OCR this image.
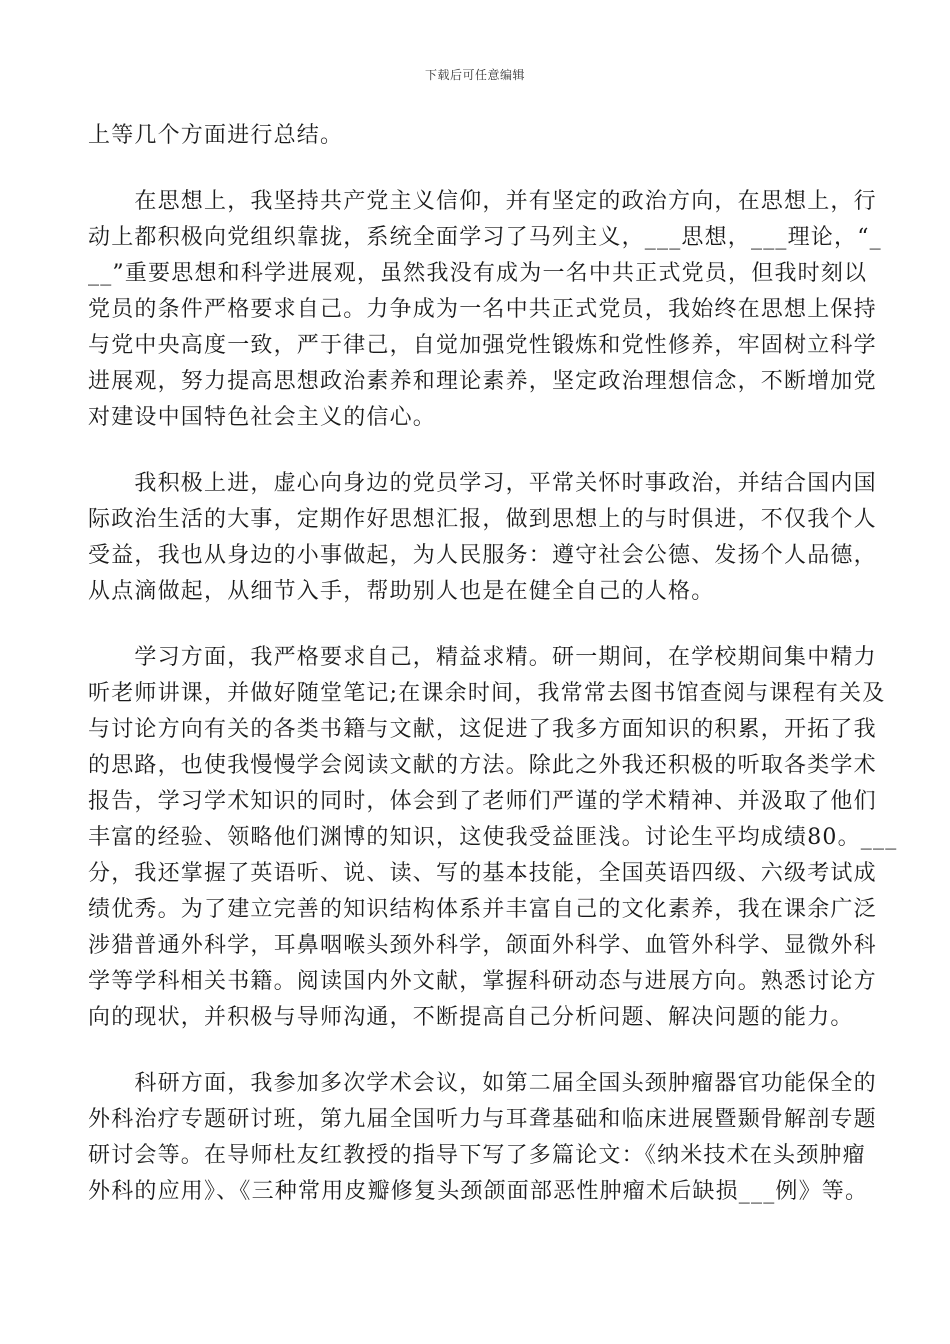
下载后可任意编辑
上等几个方面进行总结。
　　在思想上，我坚持共产党主义信仰，并有坚定的政治方向，在思想上，行
动上都积极向党组织靠拢，系统全面学习了马列主义，___思想，___理论，“_
__”重要思想和科学进展观，虽然我没有成为一名中共正式党员，但我时刻以
党员的条件严格要求自己。力争成为一名中共正式党员，我始终在思想上保持
与党中央高度一致，严于律己，自觉加强党性锻炼和党性修养，牢固树立科学
进展观，努力提高思想政治素养和理论素养，坚定政治理想信念，不断增加党
对建设中国特色社会主义的信心。
　　我积极上进，虚心向身边的党员学习，平常关怀时事政治，并结合国内国
际政治生活的大事，定期作好思想汇报，做到思想上的与时俱进，不仅我个人
受益，我也从身边的小事做起，为人民服务：遵守社会公德、发扬个人品德，
从点滴做起，从细节入手，帮助别人也是在健全自己的人格。
　　学习方面，我严格要求自己，精益求精。研一期间，在学校期间集中精力
听老师讲课，并做好随堂笔记;在课余时间，我常常去图书馆查阅与课程有关及
与讨论方向有关的各类书籍与文献，这促进了我多方面知识的积累，开拓了我
的思路，也使我慢慢学会阅读文献的方法。除此之外我还积极的听取各类学术
报告，学习学术知识的同时，体会到了老师们严谨的学术精神、并汲取了他们
丰富的经验、领略他们渊博的知识，这使我受益匪浅。讨论生平均成绩80。___
分，我还掌握了英语听、说、读、写的基本技能，全国英语四级、六级考试成
绩优秀。为了建立完善的知识结构体系并丰富自己的文化素养，我在课余广泛
涉猎普通外科学，耳鼻咽喉头颈外科学，颌面外科学、血管外科学、显微外科
学等学科相关书籍。阅读国内外文献，掌握科研动态与进展方向。熟悉讨论方
向的现状，并积极与导师沟通，不断提高自己分析问题、解决问题的能力。
　　科研方面，我参加多次学术会议，如第二届全国头颈肿瘤器官功能保全的
外科治疗专题研讨班，第九届全国听力与耳聋基础和临床进展暨颞骨解剖专题
研讨会等。在导师杜友红教授的指导下写了多篇论文：《纳米技术在头颈肿瘤
外科的应用》、《三种常用皮瓣修复头颈颌面部恶性肿瘤术后缺损___例》等。
